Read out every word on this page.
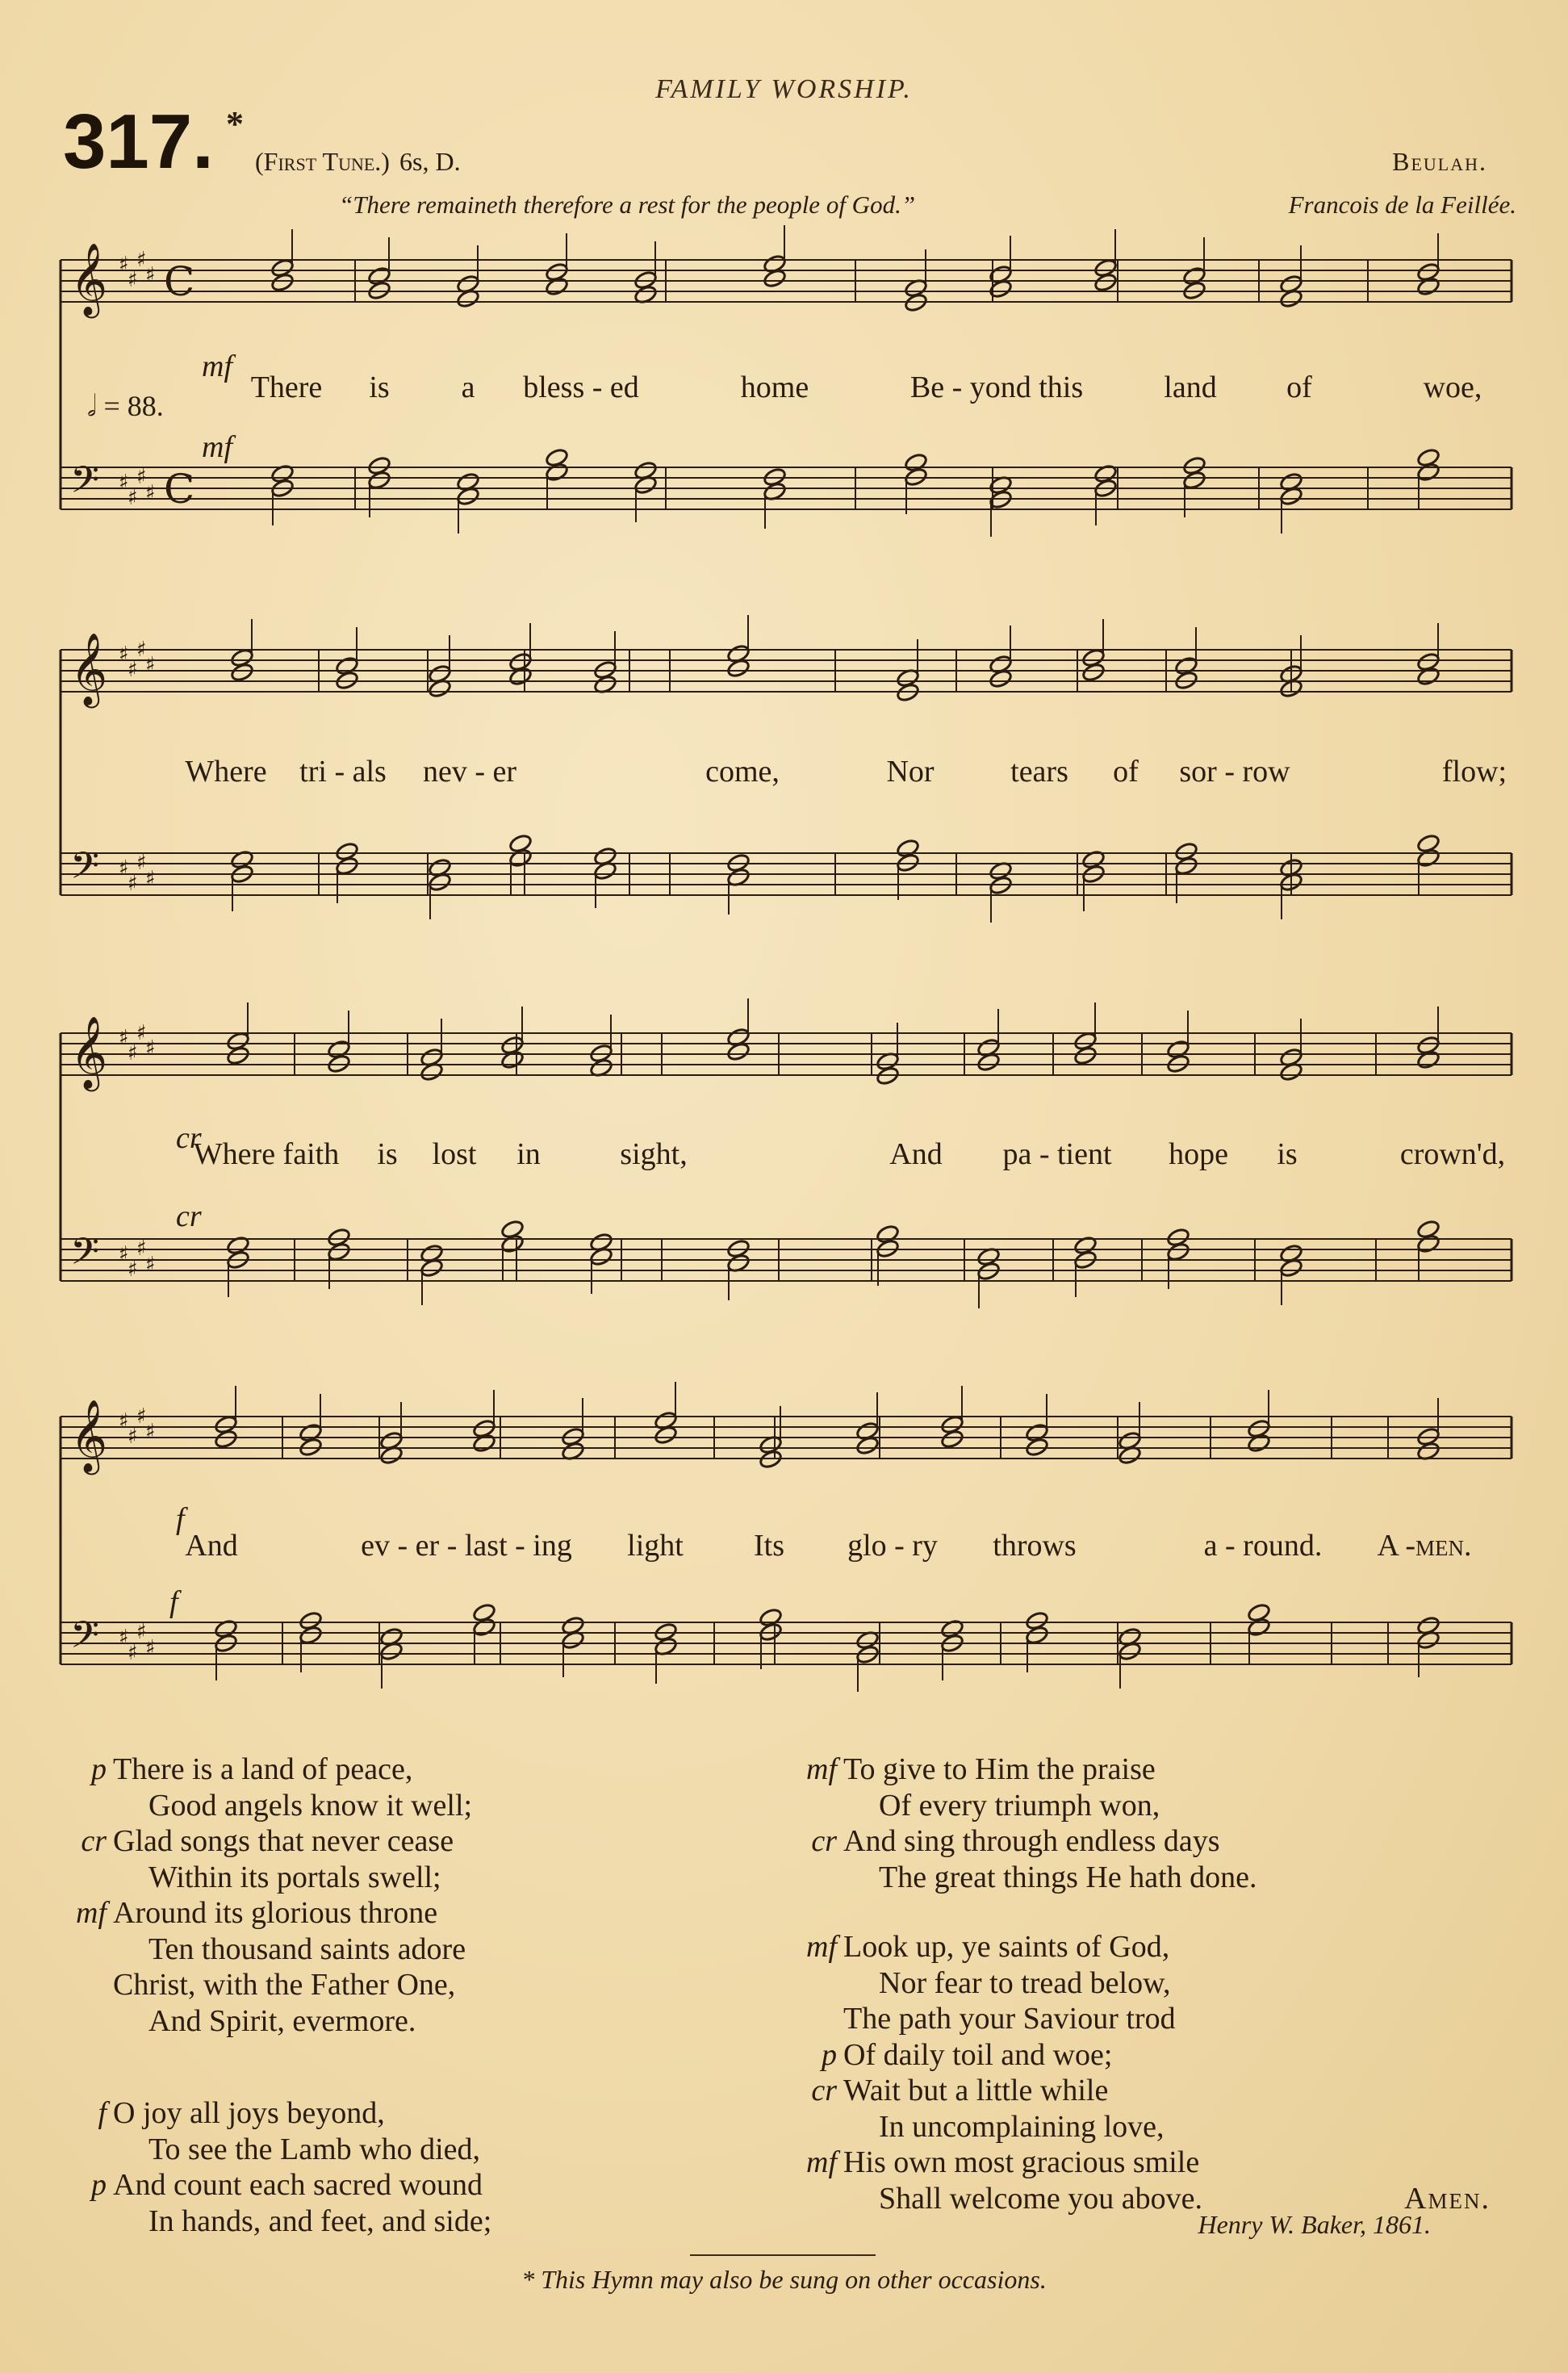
FAMILY WORSHIP.
317. *
(First Tune.) 6s, D.	Beulah.
“There remaineth therefore a rest for the people of God.”	Francois de la Feillée.
𝄞 ♯
♯
♯
♯ C
𝄢 ♯
♯
♯
♯ C
𝄞 ♯
♯
♯
♯
𝄢 ♯
♯
♯
♯
𝄞 ♯
♯
♯
♯
𝄢 ♯
♯
♯
♯
𝄞 ♯
♯
♯
♯
𝄢 ♯
♯
♯
♯
There is a bless - ed	home	Be - yond this	land of	woe,
mf
mf
Where tri - als nev - er	come,	Nor tears of sor - row	flow;
Where faith is lost in	sight,	And pa - tient hope is	crown'd,
cr
cr
And	ev - er - last - ing light Its glo - ry throws	a - round. A -men.
f
f
𝅗𝅥 = 88.
p There is a land of peace,
Good angels know it well;
cr Glad songs that never cease
Within its portals swell;
mf Around its glorious throne
Ten thousand saints adore
Christ, with the Father One,
And Spirit, evermore.
f O joy all joys beyond,
To see the Lamb who died,
p And count each sacred wound
In hands, and feet, and side;
mf To give to Him the praise
Of every triumph won,
cr And sing through endless days
The great things He hath done.
mf Look up, ye saints of God,
Nor fear to tread below,
The path your Saviour trod
p Of daily toil and woe;
cr Wait but a little while
In uncomplaining love,
mf His own most gracious smile
Shall welcome you above.	Amen.
Henry W. Baker, 1861.
* This Hymn may also be sung on other occasions.
